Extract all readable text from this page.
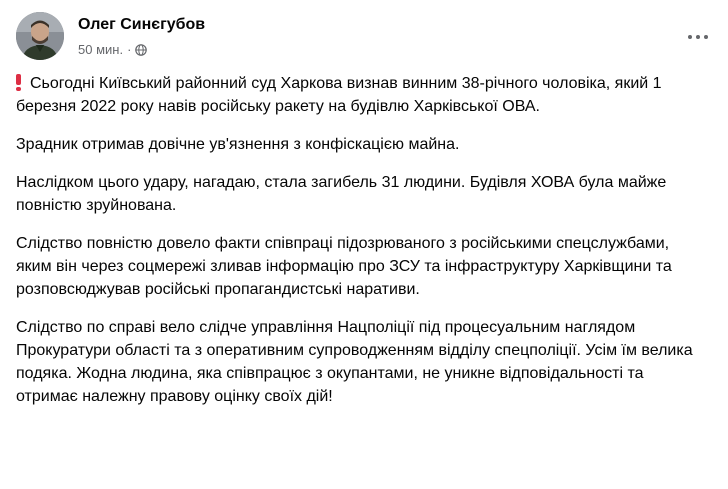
Олег Синєгубов
50 мин. ·

Сьогодні Київський районний суд Харкова визнав винним 38-річного чоловіка, який 1 березня 2022 року навів російську ракету на будівлю Харківської ОВА.

Зрадник отримав довічне ув'язнення з конфіскацією майна.

Наслідком цього удару, нагадаю, стала загибель 31 людини. Будівля ХОВА була майже повністю зруйнована.

Слідство повністю довело факти співпраці підозрюваного з російськими спецслужбами, яким він через соцмережі зливав інформацію про ЗСУ та інфраструктуру Харківщини та розповсюджував російські пропагандистські наративи.

Слідство по справі вело слідче управління Нацполіції під процесуальним наглядом Прокуратури області та з оперативним супроводженням відділу спецполіції. Усім їм велика подяка. Жодна людина, яка співпрацює з окупантами, не уникне відповідальності та отримає належну правову оцінку своїх дій!
